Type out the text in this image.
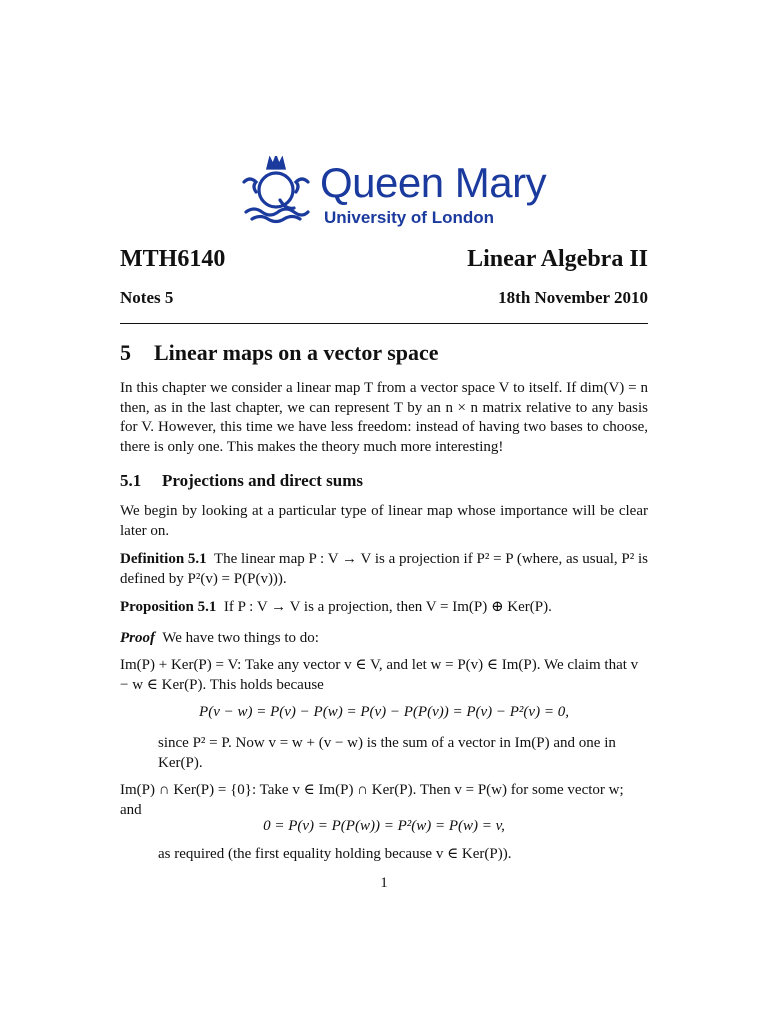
Queen Mary
University of London
MTH6140	Linear Algebra II
Notes 5	18th November 2010
5 Linear maps on a vector space
In this chapter we consider a linear map T from a vector space V to itself. If dim(V) = n then, as in the last chapter, we can represent T by an n × n matrix relative to any basis for V. However, this time we have less freedom: instead of having two bases to choose, there is only one. This makes the theory much more interesting!
5.1 Projections and direct sums
We begin by looking at a particular type of linear map whose importance will be clear later on.
Definition 5.1 The linear map P : V → V is a projection if P² = P (where, as usual, P² is defined by P²(v) = P(P(v))).
Proposition 5.1 If P : V → V is a projection, then V = Im(P) ⊕ Ker(P).
Proof We have two things to do:
Im(P) + Ker(P) = V: Take any vector v ∈ V, and let w = P(v) ∈ Im(P). We claim that v − w ∈ Ker(P). This holds because
P(v − w) = P(v) − P(w) = P(v) − P(P(v)) = P(v) − P²(v) = 0,
since P² = P. Now v = w + (v − w) is the sum of a vector in Im(P) and one in Ker(P).
Im(P) ∩ Ker(P) = {0}: Take v ∈ Im(P) ∩ Ker(P). Then v = P(w) for some vector w; and
0 = P(v) = P(P(w)) = P²(w) = P(w) = v,
as required (the first equality holding because v ∈ Ker(P)).
1
